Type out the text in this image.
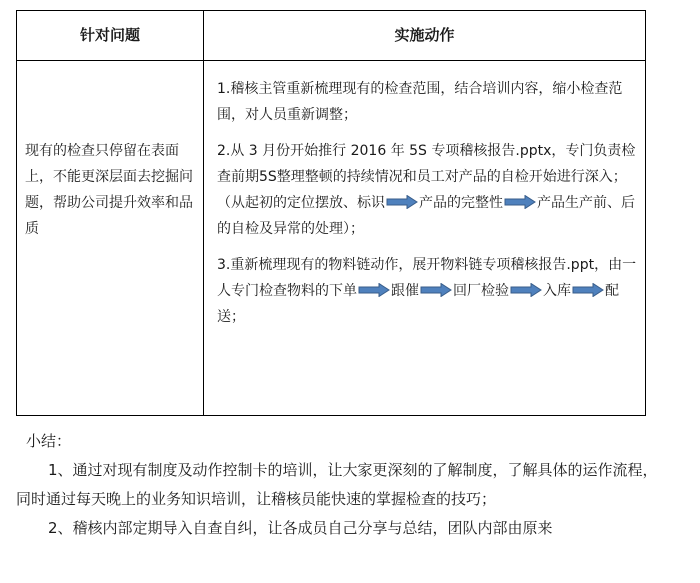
针对问题	实施动作
现有的检查只停留在表面上，不能更深层面去挖掘问题，帮助公司提升效率和品质

1.稽核主管重新梳理现有的检查范围，结合培训内容，缩小检查范围，对人员重新调整；

2.从 3 月份开始推行 2016 年 5S 专项稽核报告.pptx，专门负责检查前期5S整理整顿的持续情况和员工对产品的自检开始进行深入；（从起初的定位摆放、标识 产品的完整性 产品生产前、后的自检及异常的处理）；

3.重新梳理现有的物料链动作，展开物料链专项稽核报告.ppt，由一人专门检查物料的下单 跟催 回厂检验 入库 配送；

小结：

1、通过对现有制度及动作控制卡的培训，让大家更深刻的了解制度，了解具体的运作流程，同时通过每天晚上的业务知识培训，让稽核员能快速的掌握检查的技巧；

2、稽核内部定期导入自查自纠，让各成员自己分享与总结，团队内部由原来
